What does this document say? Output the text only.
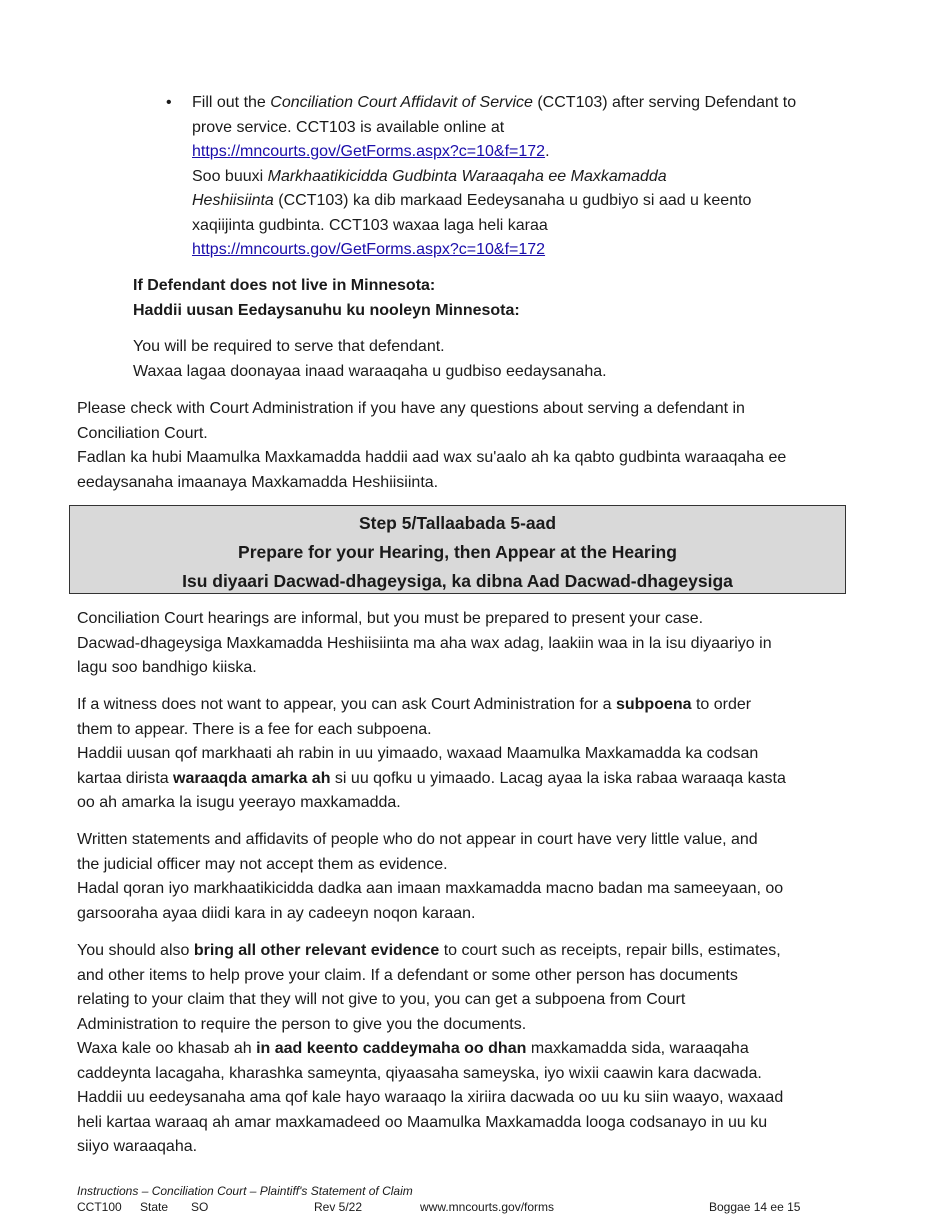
• Fill out the Conciliation Court Affidavit of Service (CCT103) after serving Defendant to

prove service. CCT103 is available online at

https://mncourts.gov/GetForms.aspx?c=10&f=172.

Soo buuxi Markhaatikicidda Gudbinta Waraaqaha ee Maxkamadda

Heshiisiinta (CCT103) ka dib markaad Eedeysanaha u gudbiyo si aad u keento

xaqiijinta gudbinta. CCT103 waxaa laga heli karaa

https://mncourts.gov/GetForms.aspx?c=10&f=172

If Defendant does not live in Minnesota:

Haddii uusan Eedaysanuhu ku nooleyn Minnesota:

You will be required to serve that defendant.

Waxaa lagaa doonayaa inaad waraaqaha u gudbiso eedaysanaha.

Please check with Court Administration if you have any questions about serving a defendant in

Conciliation Court.

Fadlan ka hubi Maamulka Maxkamadda haddii aad wax su'aalo ah ka qabto gudbinta waraaqaha ee

eedaysanaha imaanaya Maxkamadda Heshiisiinta.

Step 5/Tallaabada 5-aad

Prepare for your Hearing, then Appear at the Hearing

Isu diyaari Dacwad-dhageysiga, ka dibna Aad Dacwad-dhageysiga

Conciliation Court hearings are informal, but you must be prepared to present your case.

Dacwad-dhageysiga Maxkamadda Heshiisiinta ma aha wax adag, laakiin waa in la isu diyaariyo in

lagu soo bandhigo kiiska.

If a witness does not want to appear, you can ask Court Administration for a subpoena to order

them to appear. There is a fee for each subpoena.

Haddii uusan qof markhaati ah rabin in uu yimaado, waxaad Maamulka Maxkamadda ka codsan

kartaa dirista waraaqda amarka ah si uu qofku u yimaado. Lacag ayaa la iska rabaa waraaqa kasta

oo ah amarka la isugu yeerayo maxkamadda.

Written statements and affidavits of people who do not appear in court have very little value, and

the judicial officer may not accept them as evidence.

Hadal qoran iyo markhaatikicidda dadka aan imaan maxkamadda macno badan ma sameeyaan, oo

garsooraha ayaa diidi kara in ay cadeeyn noqon karaan.

You should also bring all other relevant evidence to court such as receipts, repair bills, estimates,

and other items to help prove your claim. If a defendant or some other person has documents

relating to your claim that they will not give to you, you can get a subpoena from Court

Administration to require the person to give you the documents.

Waxa kale oo khasab ah in aad keento caddeymaha oo dhan maxkamadda sida, waraaqaha

caddeynta lacagaha, kharashka sameynta, qiyaasaha sameyska, iyo wixii caawin kara dacwada.

Haddii uu eedeysanaha ama qof kale hayo waraaqo la xiriira dacwada oo uu ku siin waayo, waxaad

heli kartaa waraaq ah amar maxkamadeed oo Maamulka Maxkamadda looga codsanayo in uu ku

siiyo waraaqaha.

Instructions – Conciliation Court – Plaintiff's Statement of Claim

CCT100 State SO	Rev 5/22	www.mncourts.gov/forms	Boggae 14 ee 15
